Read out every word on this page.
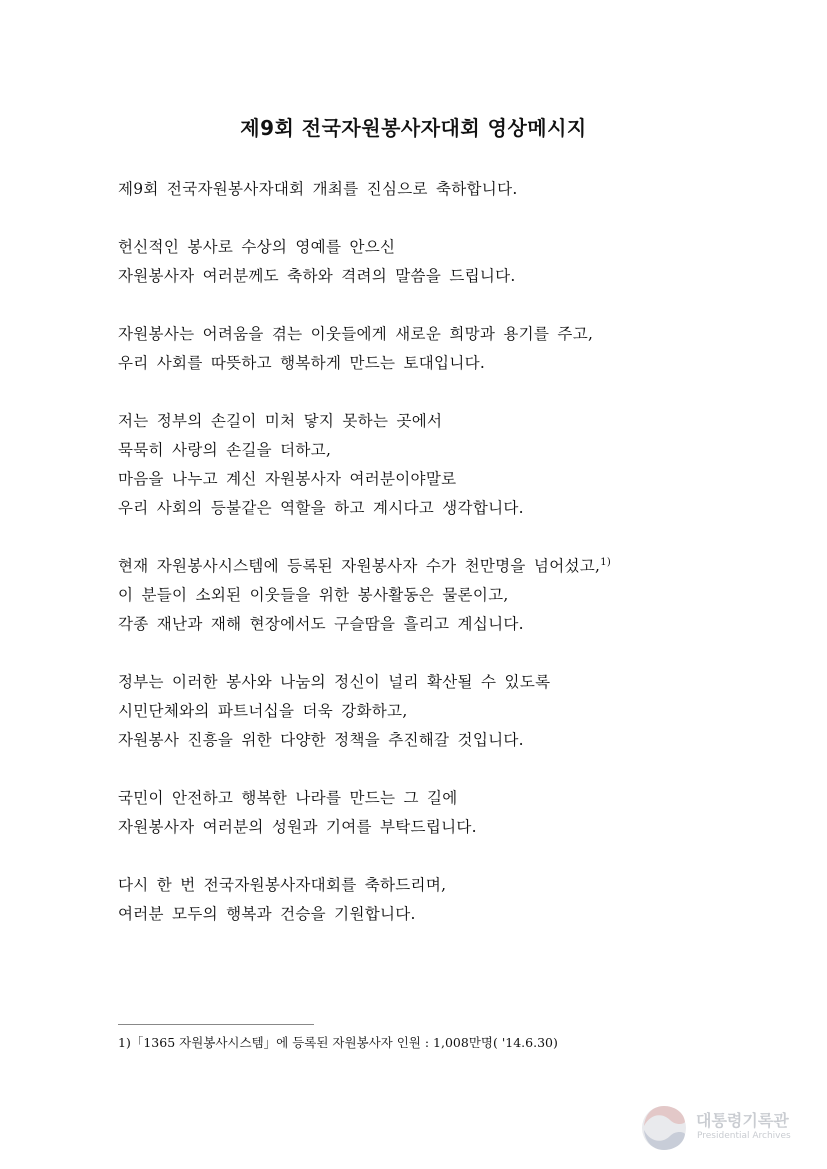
제9회 전국자원봉사자대회 영상메시지
제9회 전국자원봉사자대회 개최를 진심으로 축하합니다.
헌신적인 봉사로 수상의 영예를 안으신
자원봉사자 여러분께도 축하와 격려의 말씀을 드립니다.
자원봉사는 어려움을 겪는 이웃들에게 새로운 희망과 용기를 주고,
우리 사회를 따뜻하고 행복하게 만드는 토대입니다.
저는 정부의 손길이 미처 닿지 못하는 곳에서
묵묵히 사랑의 손길을 더하고,
마음을 나누고 계신 자원봉사자 여러분이야말로
우리 사회의 등불같은 역할을 하고 계시다고 생각합니다.
현재 자원봉사시스템에 등록된 자원봉사자 수가 천만명을 넘어섰고,$^{1)}$
이 분들이 소외된 이웃들을 위한 봉사활동은 물론이고,
각종 재난과 재해 현장에서도 구슬땀을 흘리고 계십니다.
정부는 이러한 봉사와 나눔의 정신이 널리 확산될 수 있도록
시민단체와의 파트너십을 더욱 강화하고,
자원봉사 진흥을 위한 다양한 정책을 추진해갈 것입니다.
국민이 안전하고 행복한 나라를 만드는 그 길에
자원봉사자 여러분의 성원과 기여를 부탁드립니다.
다시 한 번 전국자원봉사자대회를 축하드리며,
여러분 모두의 행복과 건승을 기원합니다.
1)「1365 자원봉사시스템」에 등록된 자원봉사자 인원 : 1,008만명( '14.6.30)
대통령기록관
Presidential Archives
